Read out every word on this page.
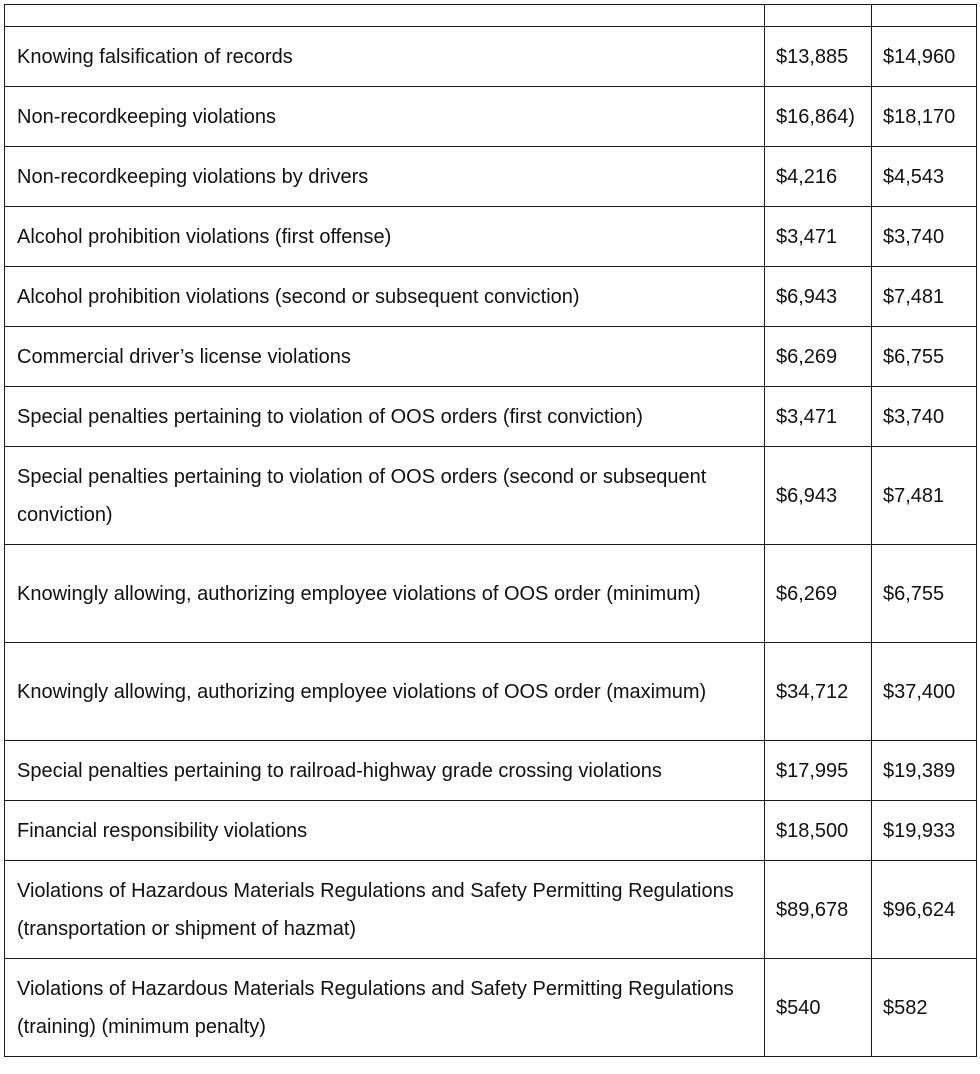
Knowing falsification of records	$13,885	$14,960
Non-recordkeeping violations	$16,864)	$18,170
Non-recordkeeping violations by drivers	$4,216	$4,543
Alcohol prohibition violations (first offense)	$3,471	$3,740
Alcohol prohibition violations (second or subsequent conviction)	$6,943	$7,481
Commercial driver’s license violations	$6,269	$6,755
Special penalties pertaining to violation of OOS orders (first conviction)	$3,471	$3,740
Special penalties pertaining to violation of OOS orders (second or subsequent conviction)	$6,943	$7,481
Knowingly allowing, authorizing employee violations of OOS order (minimum)	$6,269	$6,755
Knowingly allowing, authorizing employee violations of OOS order (maximum)	$34,712	$37,400
Special penalties pertaining to railroad-highway grade crossing violations	$17,995	$19,389
Financial responsibility violations	$18,500	$19,933
Violations of Hazardous Materials Regulations and Safety Permitting Regulations (transportation or shipment of hazmat)	$89,678	$96,624
Violations of Hazardous Materials Regulations and Safety Permitting Regulations (training) (minimum penalty)	$540	$582
